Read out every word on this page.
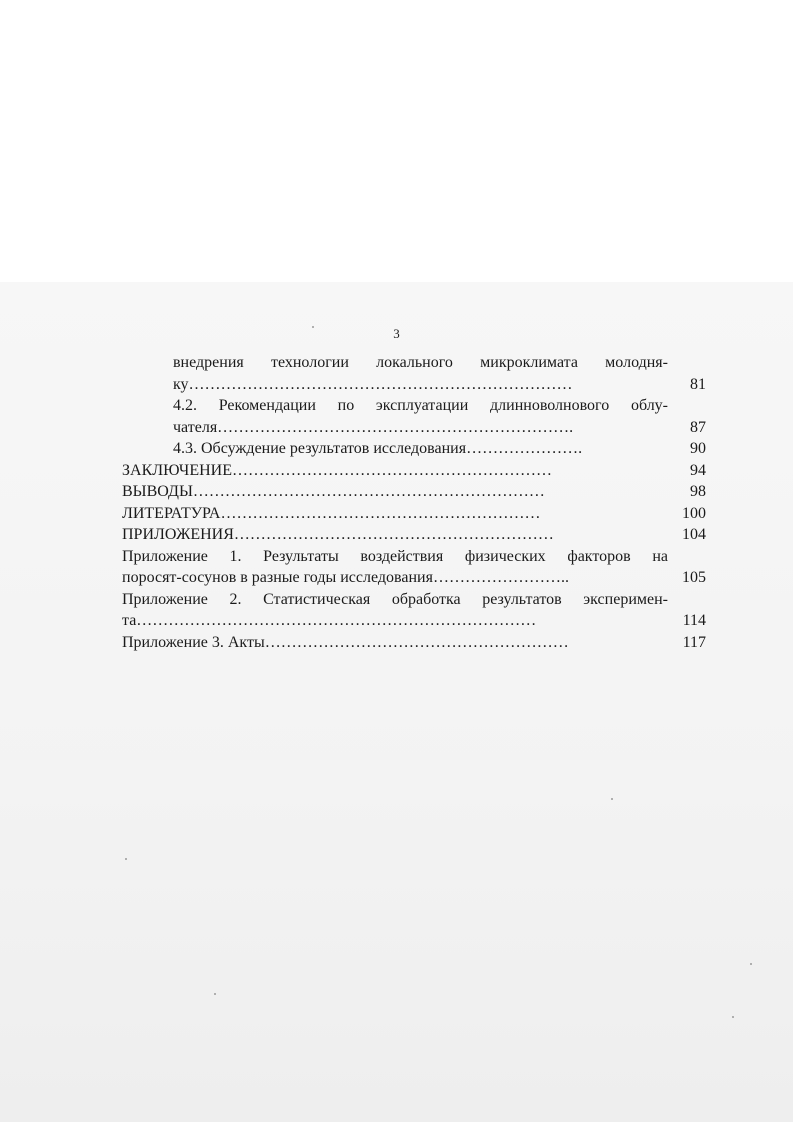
3
внедрения технологии локального микроклимата молодня-
ку………………………………………………………………	81
4.2. Рекомендации по эксплуатации длинноволнового облу-
чателя………………………………………………………….	87
4.3. Обсуждение результатов исследования………………….	90
ЗАКЛЮЧЕНИЕ……………………………………………………	94
ВЫВОДЫ…………………………………………………………	98
ЛИТЕРАТУРА……………………………………………………	100
ПРИЛОЖЕНИЯ……………………………………………………	104
Приложение 1. Результаты воздействия физических факторов на
поросят-сосунов в разные годы исследования……………………..	105
Приложение 2. Статистическая обработка результатов эксперимен-
та…………………………………………………………………	114
Приложение 3. Акты…………………………………………………	117
